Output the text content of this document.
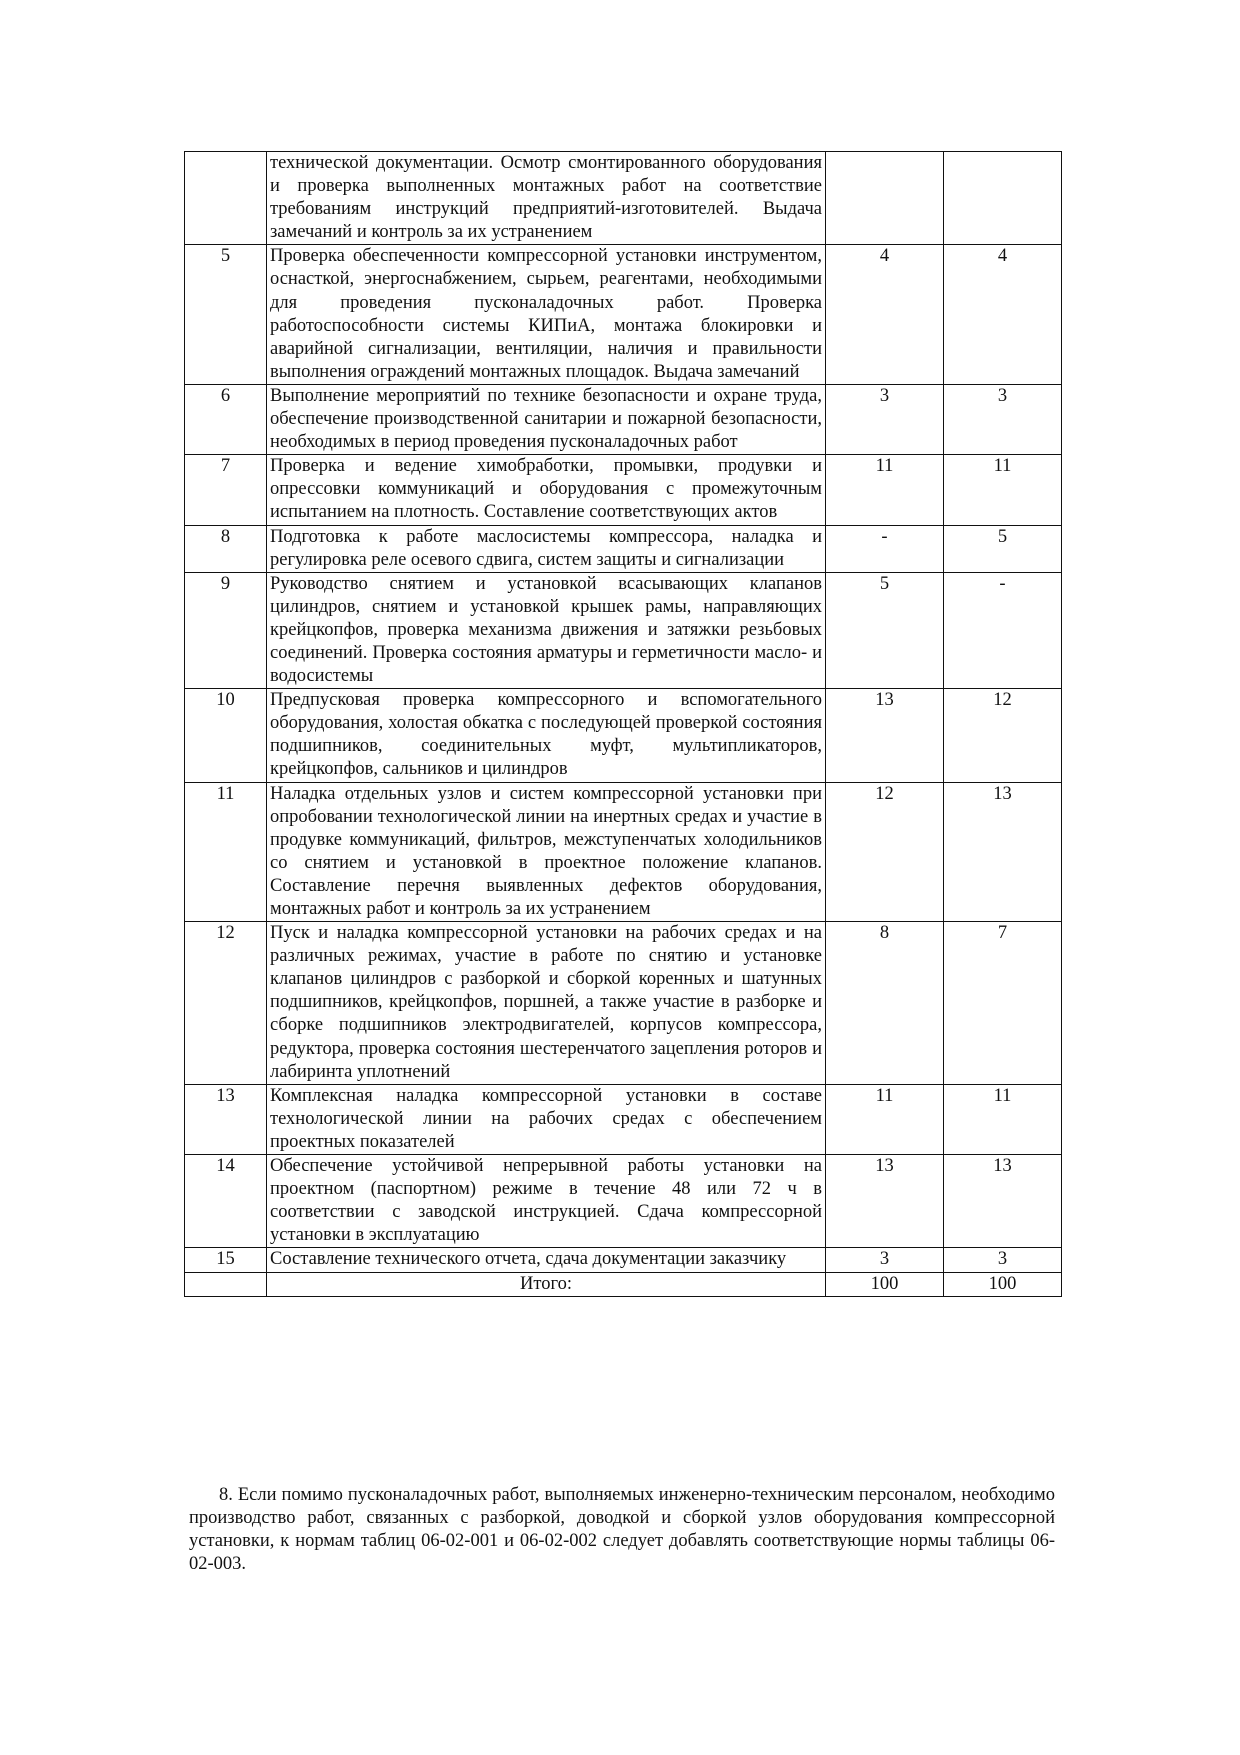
	технической документации. Осмотр смонтированного оборудования и проверка выполненных монтажных работ на соответствие требованиям инструкций предприятий-изготовителей. Выдача замечаний и контроль за их устранением		
5	Проверка обеспеченности компрессорной установки инструментом, оснасткой, энергоснабжением, сырьем, реагентами, необходимыми для проведения пусконаладочных работ. Проверка работоспособности системы КИПиА, монтажа блокировки и аварийной сигнализации, вентиляции, наличия и правильности выполнения ограждений монтажных площадок. Выдача замечаний	4	4
6	Выполнение мероприятий по технике безопасности и охране труда, обеспечение производственной санитарии и пожарной безопасности, необходимых в период проведения пусконаладочных работ	3	3
7	Проверка и ведение химобработки, промывки, продувки и опрессовки коммуникаций и оборудования с промежуточным испытанием на плотность. Составление соответствующих актов	11	11
8	Подготовка к работе маслосистемы компрессора, наладка и регулировка реле осевого сдвига, систем защиты и сигнализации	-	5
9	Руководство снятием и установкой всасывающих клапанов цилиндров, снятием и установкой крышек рамы, направляющих крейцкопфов, проверка механизма движения и затяжки резьбовых соединений. Проверка состояния арматуры и герметичности масло- и водосистемы	5	-
10	Предпусковая проверка компрессорного и вспомогательного оборудования, холостая обкатка с последующей проверкой состояния подшипников, соединительных муфт, мультипликаторов, крейцкопфов, сальников и цилиндров	13	12
11	Наладка отдельных узлов и систем компрессорной установки при опробовании технологической линии на инертных средах и участие в продувке коммуникаций, фильтров, межступенчатых холодильников со снятием и установкой в проектное положение клапанов. Составление перечня выявленных дефектов оборудования, монтажных работ и контроль за их устранением	12	13
12	Пуск и наладка компрессорной установки на рабочих средах и на различных режимах, участие в работе по снятию и установке клапанов цилиндров с разборкой и сборкой коренных и шатунных подшипников, крейцкопфов, поршней, а также участие в разборке и сборке подшипников электродвигателей, корпусов компрессора, редуктора, проверка состояния шестеренчатого зацепления роторов и лабиринта уплотнений	8	7
13	Комплексная наладка компрессорной установки в составе технологической линии на рабочих средах с обеспечением проектных показателей	11	11
14	Обеспечение устойчивой непрерывной работы установки на проектном (паспортном) режиме в течение 48 или 72 ч в соответствии с заводской инструкцией. Сдача компрессорной установки в эксплуатацию	13	13
15	Составление технического отчета, сдача документации заказчику	3	3
	Итого:	100	100

8. Если помимо пусконаладочных работ, выполняемых инженерно-техническим персоналом, необходимо производство работ, связанных с разборкой, доводкой и сборкой узлов оборудования компрессорной установки, к нормам таблиц 06-02-001 и 06-02-002 следует добавлять соответствующие нормы таблицы 06-02-003.
